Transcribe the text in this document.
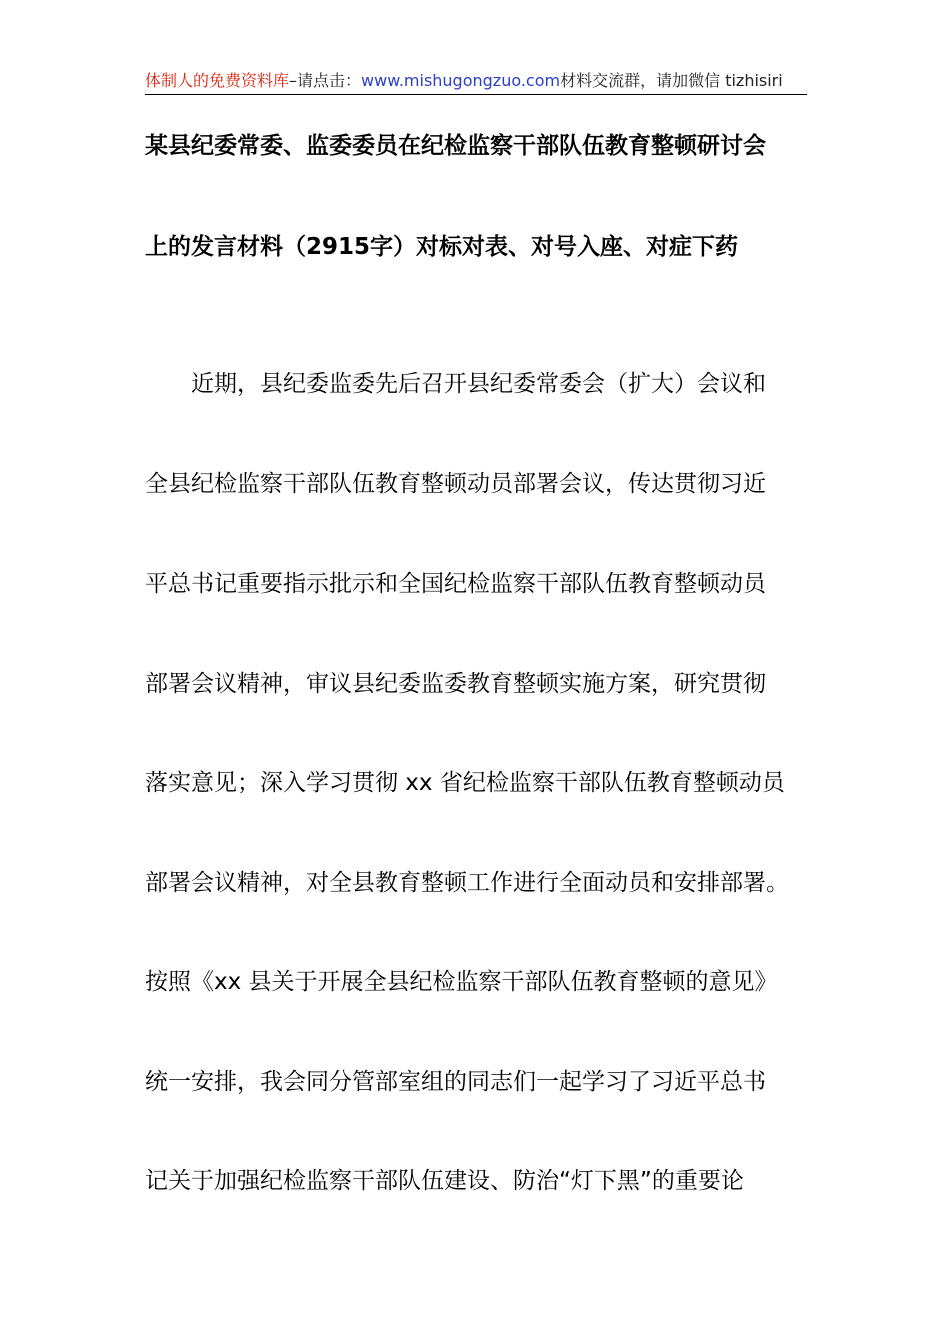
体制人的免费资料库–请点击：www.mishugongzuo.com材料交流群，请加微信 tizhisiri
某县纪委常委、监委委员在纪检监察干部队伍教育整顿研讨会
上的发言材料（2915字）对标对表、对号入座、对症下药
近期，县纪委监委先后召开县纪委常委会（扩大）会议和
全县纪检监察干部队伍教育整顿动员部署会议，传达贯彻习近
平总书记重要指示批示和全国纪检监察干部队伍教育整顿动员
部署会议精神，审议县纪委监委教育整顿实施方案，研究贯彻
落实意见；深入学习贯彻 xx 省纪检监察干部队伍教育整顿动员
部署会议精神，对全县教育整顿工作进行全面动员和安排部署。
按照《xx 县关于开展全县纪检监察干部队伍教育整顿的意见》
统一安排，我会同分管部室组的同志们一起学习了习近平总书
记关于加强纪检监察干部队伍建设、防治“灯下黑”的重要论
